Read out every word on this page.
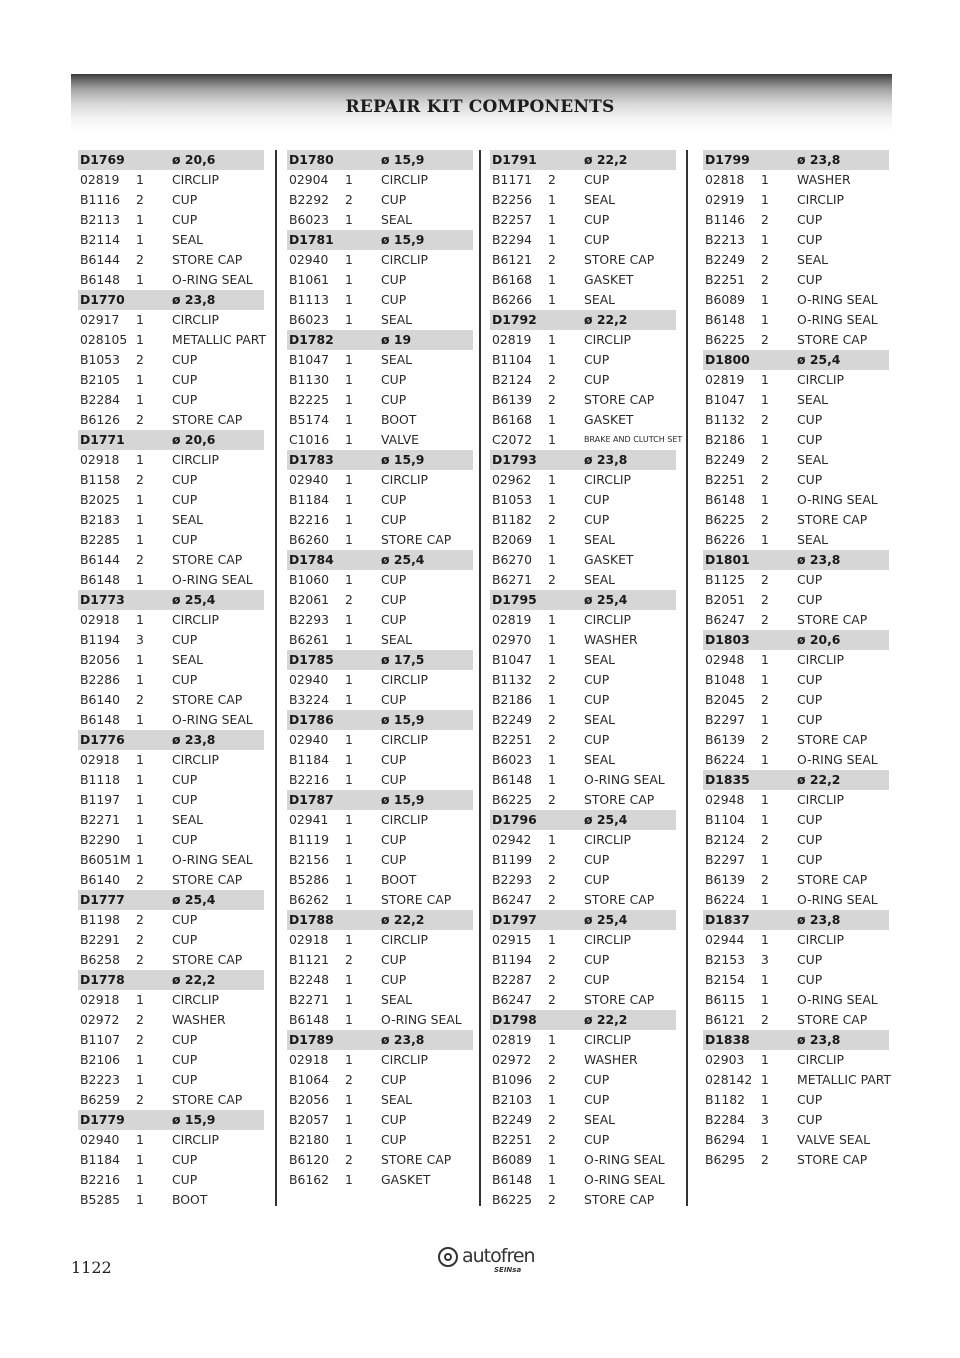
REPAIR KIT COMPONENTS
D1769	ø 20,6
02819 1 CIRCLIP
B1116 2 CUP
B2113 1 CUP
B2114 1 SEAL
B6144 2 STORE CAP
B6148 1 O-RING SEAL
D1770	ø 23,8
02917 1 CIRCLIP
028105 1 METALLIC PART
B1053 2 CUP
B2105 1 CUP
B2284 1 CUP
B6126 2 STORE CAP
D1771	ø 20,6
02918 1 CIRCLIP
B1158 2 CUP
B2025 1 CUP
B2183 1 SEAL
B2285 1 CUP
B6144 2 STORE CAP
B6148 1 O-RING SEAL
D1773	ø 25,4
02918 1 CIRCLIP
B1194 3 CUP
B2056 1 SEAL
B2286 1 CUP
B6140 2 STORE CAP
B6148 1 O-RING SEAL
D1776	ø 23,8
02918 1 CIRCLIP
B1118 1 CUP
B1197 1 CUP
B2271 1 SEAL
B2290 1 CUP
B6051M 1 O-RING SEAL
B6140 2 STORE CAP
D1777	ø 25,4
B1198 2 CUP
B2291 2 CUP
B6258 2 STORE CAP
D1778	ø 22,2
02918 1 CIRCLIP
02972 2 WASHER
B1107 2 CUP
B2106 1 CUP
B2223 1 CUP
B6259 2 STORE CAP
D1779	ø 15,9
02940 1 CIRCLIP
B1184 1 CUP
B2216 1 CUP
B5285 1 BOOT
D1780	ø 15,9
02904 1 CIRCLIP
B2292 2 CUP
B6023 1 SEAL
D1781	ø 15,9
02940 1 CIRCLIP
B1061 1 CUP
B1113 1 CUP
B6023 1 SEAL
D1782	ø 19
B1047 1 SEAL
B1130 1 CUP
B2225 1 CUP
B5174 1 BOOT
C1016 1 VALVE
D1783	ø 15,9
02940 1 CIRCLIP
B1184 1 CUP
B2216 1 CUP
B6260 1 STORE CAP
D1784	ø 25,4
B1060 1 CUP
B2061 2 CUP
B2293 1 CUP
B6261 1 SEAL
D1785	ø 17,5
02940 1 CIRCLIP
B3224 1 CUP
D1786	ø 15,9
02940 1 CIRCLIP
B1184 1 CUP
B2216 1 CUP
D1787	ø 15,9
02941 1 CIRCLIP
B1119 1 CUP
B2156 1 CUP
B5286 1 BOOT
B6262 1 STORE CAP
D1788	ø 22,2
02918 1 CIRCLIP
B1121 2 CUP
B2248 1 CUP
B2271 1 SEAL
B6148 1 O-RING SEAL
D1789	ø 23,8
02918 1 CIRCLIP
B1064 2 CUP
B2056 1 SEAL
B2057 1 CUP
B2180 1 CUP
B6120 2 STORE CAP
B6162 1 GASKET
D1791	ø 22,2
B1171 2 CUP
B2256 1 SEAL
B2257 1 CUP
B2294 1 CUP
B6121 2 STORE CAP
B6168 1 GASKET
B6266 1 SEAL
D1792	ø 22,2
02819 1 CIRCLIP
B1104 1 CUP
B2124 2 CUP
B6139 2 STORE CAP
B6168 1 GASKET
C2072 1	BRAKE AND CLUTCH SET
D1793	ø 23,8
02962 1 CIRCLIP
B1053 1 CUP
B1182 2 CUP
B2069 1 SEAL
B6270 1 GASKET
B6271 2 SEAL
D1795	ø 25,4
02819 1 CIRCLIP
02970 1 WASHER
B1047 1 SEAL
B1132 2 CUP
B2186 1 CUP
B2249 2 SEAL
B2251 2 CUP
B6023 1 SEAL
B6148 1 O-RING SEAL
B6225 2 STORE CAP
D1796	ø 25,4
02942 1 CIRCLIP
B1199 2 CUP
B2293 2 CUP
B6247 2 STORE CAP
D1797	ø 25,4
02915 1 CIRCLIP
B1194 2 CUP
B2287 2 CUP
B6247 2 STORE CAP
D1798	ø 22,2
02819 1 CIRCLIP
02972 2 WASHER
B1096 2 CUP
B2103 1 CUP
B2249 2 SEAL
B2251 2 CUP
B6089 1 O-RING SEAL
B6148 1 O-RING SEAL
B6225 2 STORE CAP
D1799	ø 23,8
02818 1 WASHER
02919 1 CIRCLIP
B1146 2 CUP
B2213 1 CUP
B2249 2 SEAL
B2251 2 CUP
B6089 1 O-RING SEAL
B6148 1 O-RING SEAL
B6225 2 STORE CAP
D1800	ø 25,4
02819 1 CIRCLIP
B1047 1 SEAL
B1132 2 CUP
B2186 1 CUP
B2249 2 SEAL
B2251 2 CUP
B6148 1 O-RING SEAL
B6225 2 STORE CAP
B6226 1 SEAL
D1801	ø 23,8
B1125 2 CUP
B2051 2 CUP
B6247 2 STORE CAP
D1803	ø 20,6
02948 1 CIRCLIP
B1048 1 CUP
B2045 2 CUP
B2297 1 CUP
B6139 2 STORE CAP
B6224 1 O-RING SEAL
D1835	ø 22,2
02948 1 CIRCLIP
B1104 1 CUP
B2124 2 CUP
B2297 1 CUP
B6139 2 STORE CAP
B6224 1 O-RING SEAL
D1837	ø 23,8
02944 1 CIRCLIP
B2153 3 CUP
B2154 1 CUP
B6115 1 O-RING SEAL
B6121 2 STORE CAP
D1838	ø 23,8
02903 1 CIRCLIP
028142 1 METALLIC PART
B1182 1 CUP
B2284 3 CUP
B6294 1 VALVE SEAL
B6295 2 STORE CAP
1122
autofren
SEINsa
